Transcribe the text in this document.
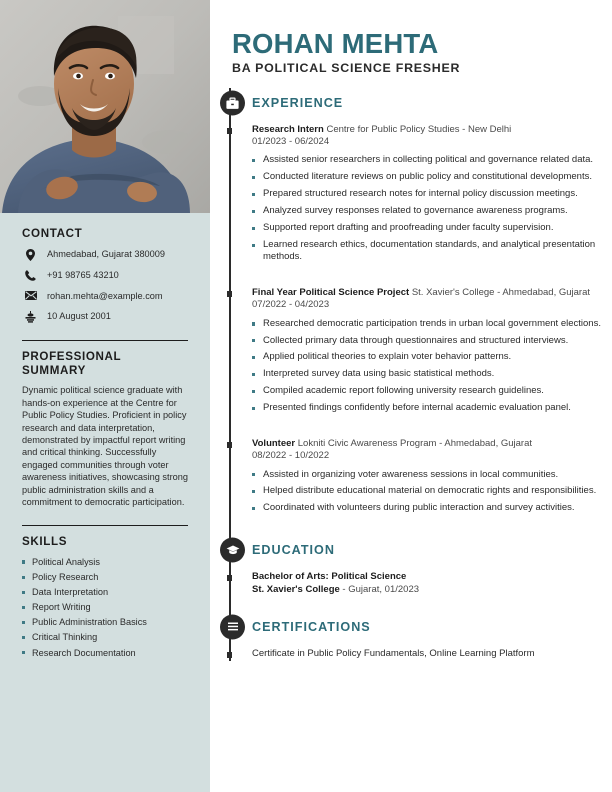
CONTACT
Ahmedabad, Gujarat 380009
+91 98765 43210
rohan.mehta@example.com
10 August 2001
PROFESSIONAL SUMMARY

Dynamic political science graduate with hands-on experience at the Centre for Public Policy Studies. Proficient in policy research and data interpretation, demonstrated by impactful report writing and critical thinking. Successfully engaged communities through voter awareness initiatives, showcasing strong public administration skills and a commitment to democratic participation.

SKILLS
Political Analysis
Policy Research
Data Interpretation
Report Writing
Public Administration Basics
Critical Thinking
Research Documentation
ROHAN MEHTA
BA POLITICAL SCIENCE FRESHER
EXPERIENCE
Research Intern Centre for Public Policy Studies - New Delhi
01/2023 - 06/2024
Assisted senior researchers in collecting political and governance related data.
Conducted literature reviews on public policy and constitutional developments.
Prepared structured research notes for internal policy discussion meetings.
Analyzed survey responses related to governance awareness programs.
Supported report drafting and proofreading under faculty supervision.
Learned research ethics, documentation standards, and analytical presentation methods.
Final Year Political Science Project St. Xavier's College - Ahmedabad, Gujarat
07/2022 - 04/2023
Researched democratic participation trends in urban local government elections.
Collected primary data through questionnaires and structured interviews.
Applied political theories to explain voter behavior patterns.
Interpreted survey data using basic statistical methods.
Compiled academic report following university research guidelines.
Presented findings confidently before internal academic evaluation panel.
Volunteer Lokniti Civic Awareness Program - Ahmedabad, Gujarat
08/2022 - 10/2022
Assisted in organizing voter awareness sessions in local communities.
Helped distribute educational material on democratic rights and responsibilities.
Coordinated with volunteers during public interaction and survey activities.
EDUCATION
Bachelor of Arts: Political Science
St. Xavier's College - Gujarat, 01/2023
CERTIFICATIONS
Certificate in Public Policy Fundamentals, Online Learning Platform
